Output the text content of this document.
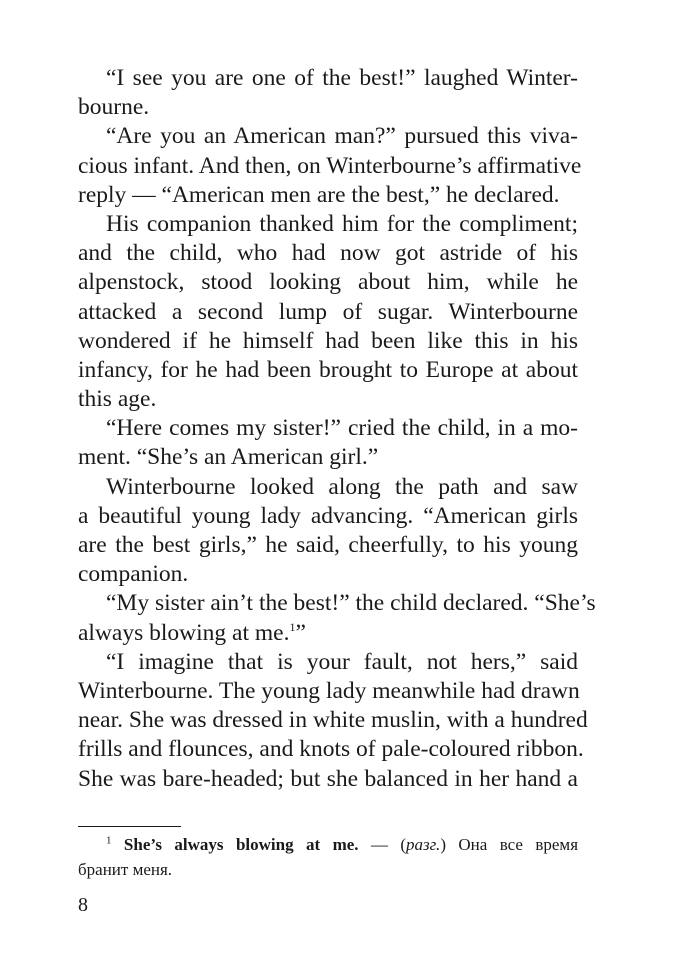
“I see you are one of the best!” laughed Winter-
bourne.
“Are you an American man?” pursued this viva-
cious infant. And then, on Winterbourne’s affirmative
reply — “American men are the best,” he declared.
His companion thanked him for the compliment;
and the child, who had now got astride of his
alpenstock, stood looking about him, while he
attacked a second lump of sugar. Winterbourne
wondered if he himself had been like this in his
infancy, for he had been brought to Europe at about
this age.
“Here comes my sister!” cried the child, in a mo-
ment. “She’s an American girl.”
Winterbourne looked along the path and saw
a beautiful young lady advancing. “American girls
are the best girls,” he said, cheerfully, to his young
companion.
“My sister ain’t the best!” the child declared. “She’s
always blowing at me.$^1$”
“I imagine that is your fault, not hers,” said
Winterbourne. The young lady meanwhile had drawn
near. She was dressed in white muslin, with a hundred
frills and flounces, and knots of pale-coloured ribbon.
She was bare-headed; but she balanced in her hand a
$^1$ She’s always blowing at me. — (разг.) Она все время
бранит меня.
8
